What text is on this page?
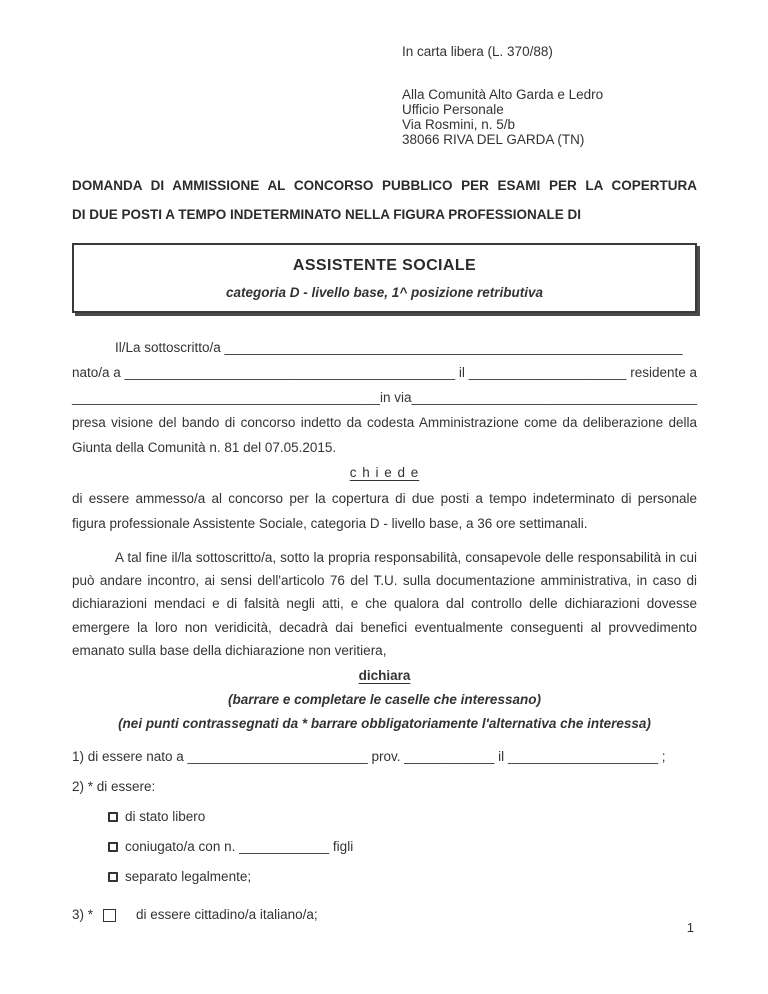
In carta libera (L. 370/88)
Alla Comunità Alto Garda e Ledro
Ufficio Personale
Via Rosmini, n. 5/b
38066 RIVA DEL GARDA (TN)
DOMANDA DI AMMISSIONE AL CONCORSO PUBBLICO PER ESAMI PER LA COPERTURA
DI DUE POSTI A TEMPO INDETERMINATO NELLA FIGURA PROFESSIONALE DI
ASSISTENTE SOCIALE
categoria D - livello base, 1^ posizione retributiva
Il/La sottoscritto/a _____________________________________________________________
nato/a a ____________________________________________ il _____________________ residente a
_________________________________________ in via ______________________________________
presa visione del bando di concorso indetto da codesta Amministrazione come da deliberazione della Giunta della Comunità n. 81 del 07.05.2015.
c h i e d e
di essere ammesso/a al concorso per la copertura di due posti a tempo indeterminato di personale figura professionale Assistente Sociale, categoria D - livello base, a 36 ore settimanali.
A tal fine il/la sottoscritto/a, sotto la propria responsabilità, consapevole delle responsabilità in cui può andare incontro, ai sensi dell'articolo 76 del T.U. sulla documentazione amministrativa, in caso di dichiarazioni mendaci e di falsità negli atti, e che qualora dal controllo delle dichiarazioni dovesse emergere la loro non veridicità, decadrà dai benefici eventualmente conseguenti al provvedimento emanato sulla base della dichiarazione non veritiera,
dichiara
(barrare e completare le caselle che interessano)
(nei punti contrassegnati da * barrare obbligatoriamente l'alternativa che interessa)
1) di essere nato a ________________________ prov. ____________ il ____________________ ;
2) * di essere:
di stato libero
coniugato/a con n. ____________ figli
separato legalmente;
3) *	di essere cittadino/a italiano/a;
1
